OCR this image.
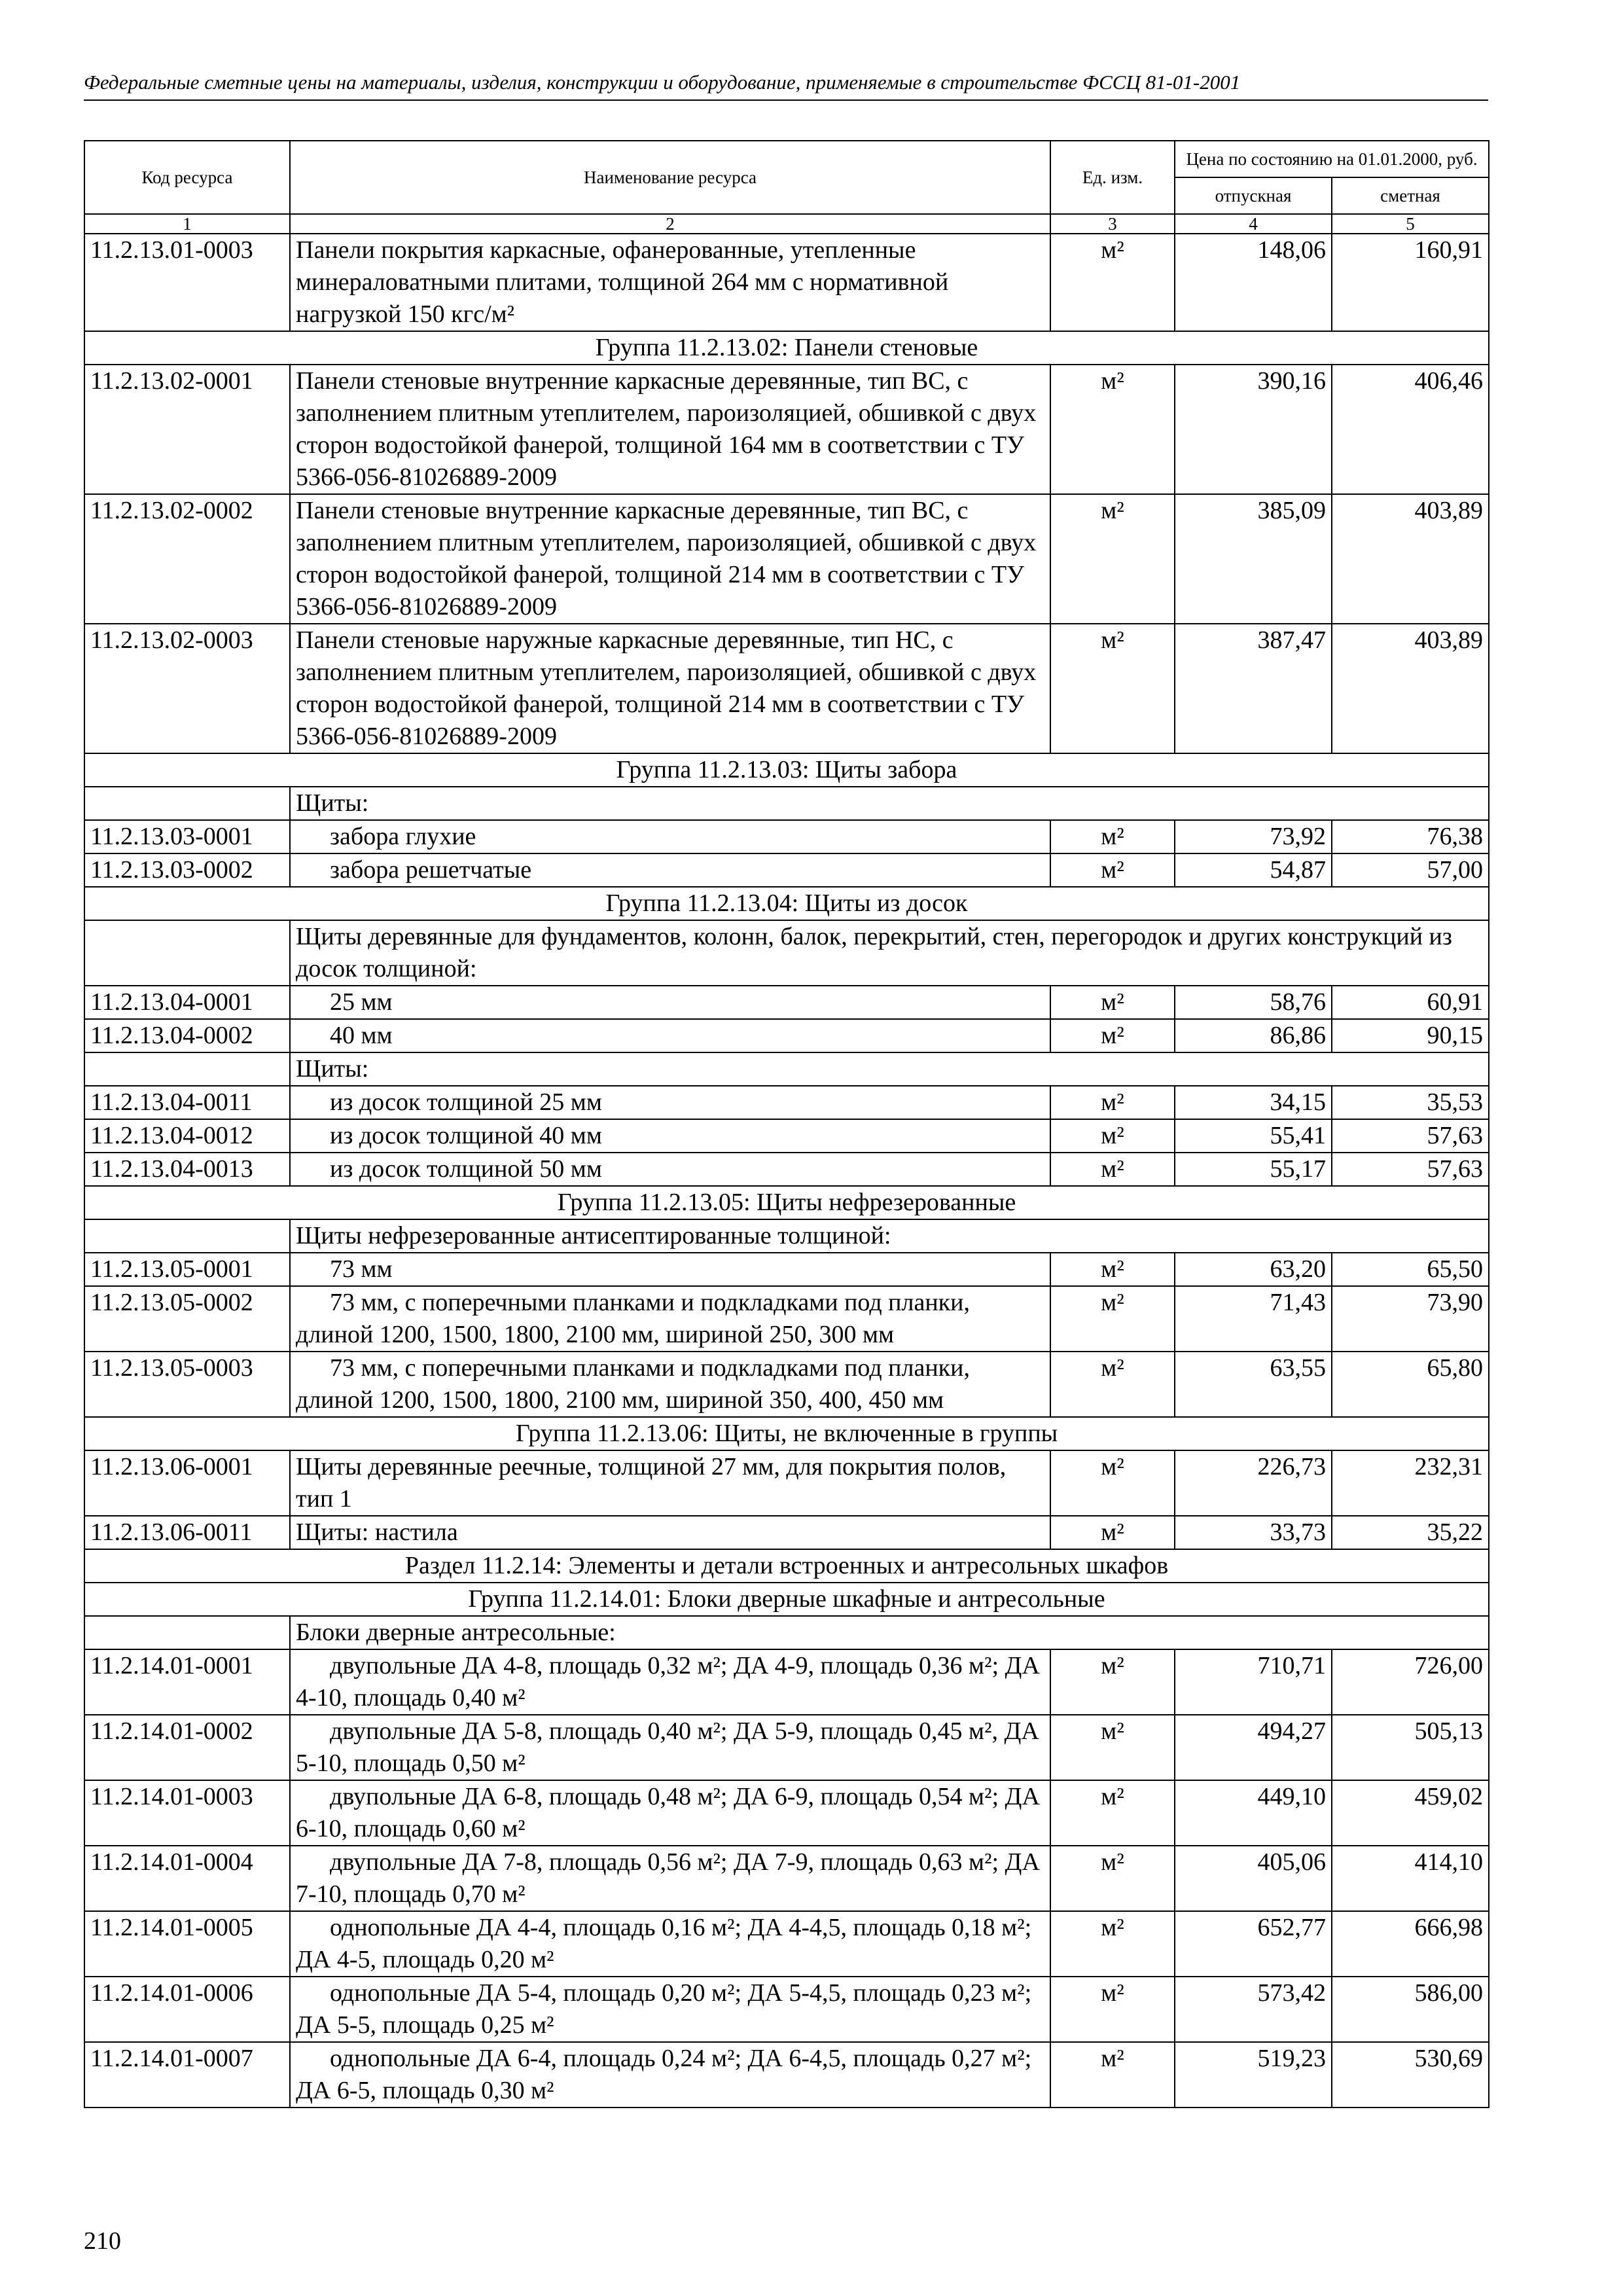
Федеральные сметные цены на материалы, изделия, конструкции и оборудование, применяемые в строительстве ФССЦ 81-01-2001
Код ресурса	Наименование ресурса	Ед. изм.	Цена по состоянию на 01.01.2000, руб.	
			отпускная	сметная
1	2	3	4	5
11.2.13.01-0003	Панели покрытия каркасные, офанерованные, утепленные минераловатными плитами, толщиной 264 мм с нормативной нагрузкой 150 кгс/м²	м²	148,06	160,91
Группа 11.2.13.02: Панели стеновые				
11.2.13.02-0001	Панели стеновые внутренние каркасные деревянные, тип ВС, с заполнением плитным утеплителем, пароизоляцией, обшивкой с двух сторон водостойкой фанерой, толщиной 164 мм в соответствии с ТУ 5366-056-81026889-2009	м²	390,16	406,46
11.2.13.02-0002	Панели стеновые внутренние каркасные деревянные, тип ВС, с заполнением плитным утеплителем, пароизоляцией, обшивкой с двух сторон водостойкой фанерой, толщиной 214 мм в соответствии с ТУ 5366-056-81026889-2009	м²	385,09	403,89
11.2.13.02-0003	Панели стеновые наружные каркасные деревянные, тип НС, с заполнением плитным утеплителем, пароизоляцией, обшивкой с двух сторон водостойкой фанерой, толщиной 214 мм в соответствии с ТУ 5366-056-81026889-2009	м²	387,47	403,89
Группа 11.2.13.03: Щиты забора				
	Щиты:			
11.2.13.03-0001	забора глухие	м²	73,92	76,38
11.2.13.03-0002	забора решетчатые	м²	54,87	57,00
Группа 11.2.13.04: Щиты из досок				
	Щиты деревянные для фундаментов, колонн, балок, перекрытий, стен, перегородок и других конструкций из досок толщиной:			
11.2.13.04-0001	25 мм	м²	58,76	60,91
11.2.13.04-0002	40 мм	м²	86,86	90,15
	Щиты:			
11.2.13.04-0011	из досок толщиной 25 мм	м²	34,15	35,53
11.2.13.04-0012	из досок толщиной 40 мм	м²	55,41	57,63
11.2.13.04-0013	из досок толщиной 50 мм	м²	55,17	57,63
Группа 11.2.13.05: Щиты нефрезерованные				
	Щиты нефрезерованные антисептированные толщиной:			
11.2.13.05-0001	73 мм	м²	63,20	65,50
11.2.13.05-0002	73 мм, с поперечными планками и подкладками под планки, длиной 1200, 1500, 1800, 2100 мм, шириной 250, 300 мм	м²	71,43	73,90
11.2.13.05-0003	73 мм, с поперечными планками и подкладками под планки, длиной 1200, 1500, 1800, 2100 мм, шириной 350, 400, 450 мм	м²	63,55	65,80
Группа 11.2.13.06: Щиты, не включенные в группы				
11.2.13.06-0001	Щиты деревянные реечные, толщиной 27 мм, для покрытия полов, тип 1	м²	226,73	232,31
11.2.13.06-0011	Щиты: настила	м²	33,73	35,22
Раздел 11.2.14: Элементы и детали встроенных и антресольных шкафов				
Группа 11.2.14.01: Блоки дверные шкафные и антресольные				
	Блоки дверные антресольные:			
11.2.14.01-0001	двупольные ДА 4-8, площадь 0,32 м²; ДА 4-9, площадь 0,36 м²; ДА 4-10, площадь 0,40 м²	м²	710,71	726,00
11.2.14.01-0002	двупольные ДА 5-8, площадь 0,40 м²; ДА 5-9, площадь 0,45 м², ДА 5-10, площадь 0,50 м²	м²	494,27	505,13
11.2.14.01-0003	двупольные ДА 6-8, площадь 0,48 м²; ДА 6-9, площадь 0,54 м²; ДА 6-10, площадь 0,60 м²	м²	449,10	459,02
11.2.14.01-0004	двупольные ДА 7-8, площадь 0,56 м²; ДА 7-9, площадь 0,63 м²; ДА 7-10, площадь 0,70 м²	м²	405,06	414,10
11.2.14.01-0005	однопольные ДА 4-4, площадь 0,16 м²; ДА 4-4,5, площадь 0,18 м²; ДА 4-5, площадь 0,20 м²	м²	652,77	666,98
11.2.14.01-0006	однопольные ДА 5-4, площадь 0,20 м²; ДА 5-4,5, площадь 0,23 м²; ДА 5-5, площадь 0,25 м²	м²	573,42	586,00
11.2.14.01-0007	однопольные ДА 6-4, площадь 0,24 м²; ДА 6-4,5, площадь 0,27 м²; ДА 6-5, площадь 0,30 м²	м²	519,23	530,69
210
